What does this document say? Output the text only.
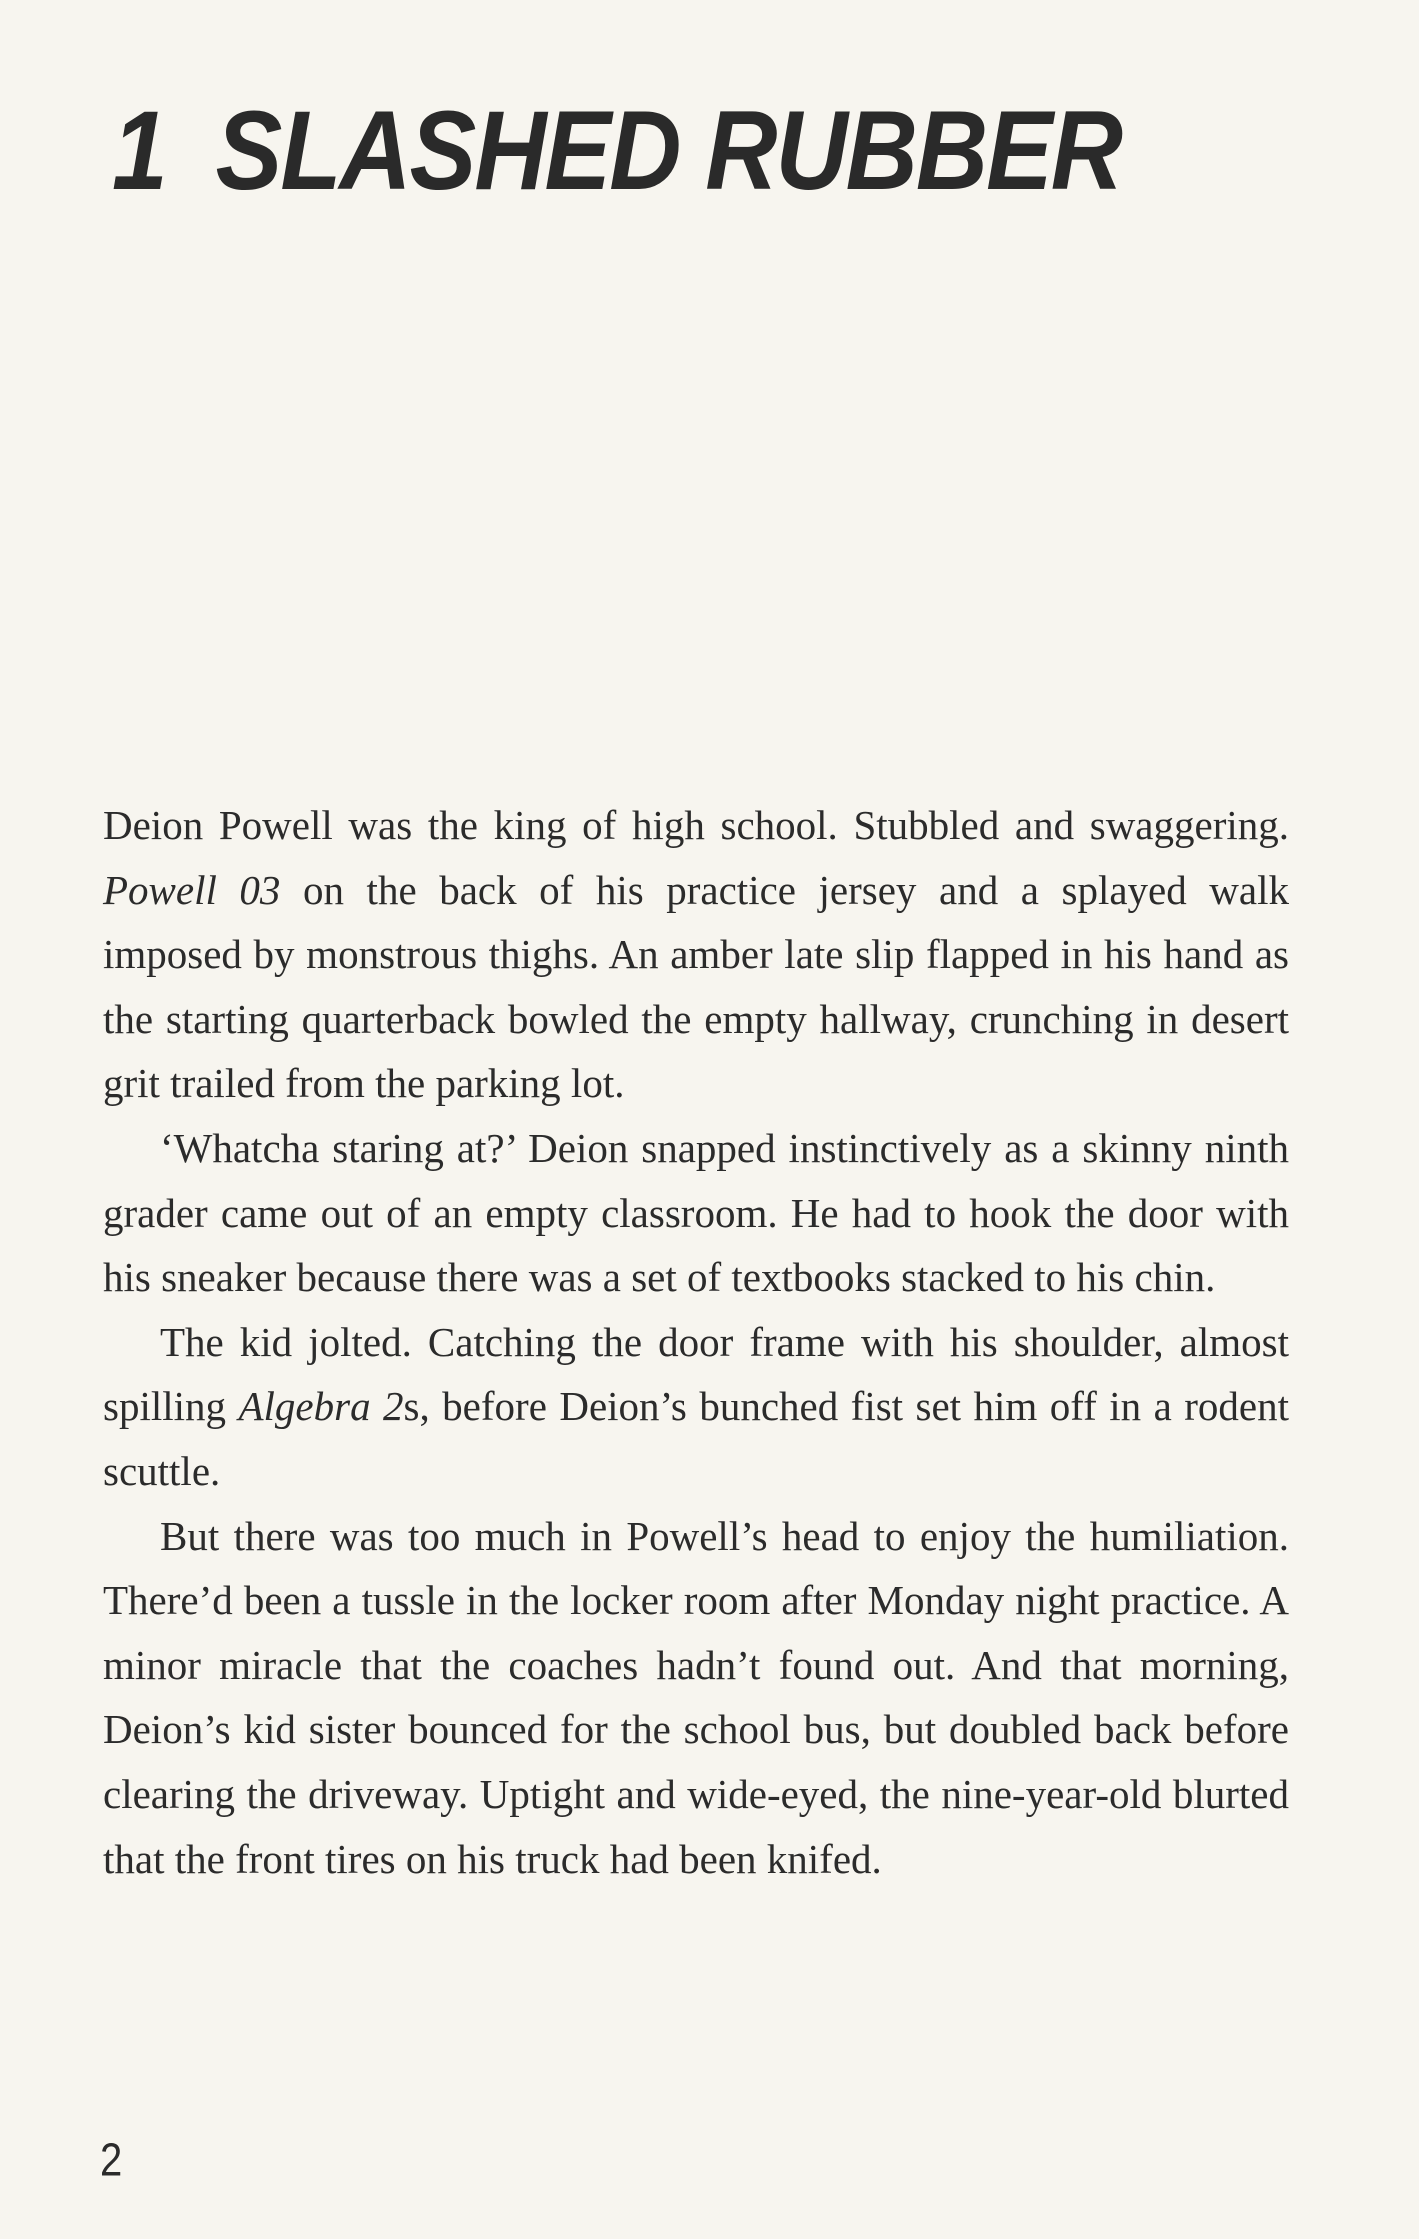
1 SLASHED RUBBER

Deion Powell was the king of high school. Stubbled and swaggering. Powell 03 on the back of his practice jersey and a splayed walk imposed by monstrous thighs. An amber late slip flapped in his hand as the starting quarterback bowled the empty hallway, crunching in desert grit trailed from the parking lot.

‘Whatcha staring at?’ Deion snapped instinctively as a skinny ninth grader came out of an empty classroom. He had to hook the door with his sneaker because there was a set of textbooks stacked to his chin.

The kid jolted. Catching the door frame with his shoulder, almost spilling Algebra 2s, before Deion’s bunched fist set him off in a rodent scuttle.

But there was too much in Powell’s head to enjoy the humiliation. There’d been a tussle in the locker room after Monday night practice. A minor miracle that the coaches hadn’t found out. And that morning, Deion’s kid sister bounced for the school bus, but doubled back before clearing the driveway. Uptight and wide-eyed, the nine-year-old blurted that the front tires on his truck had been knifed.

2
